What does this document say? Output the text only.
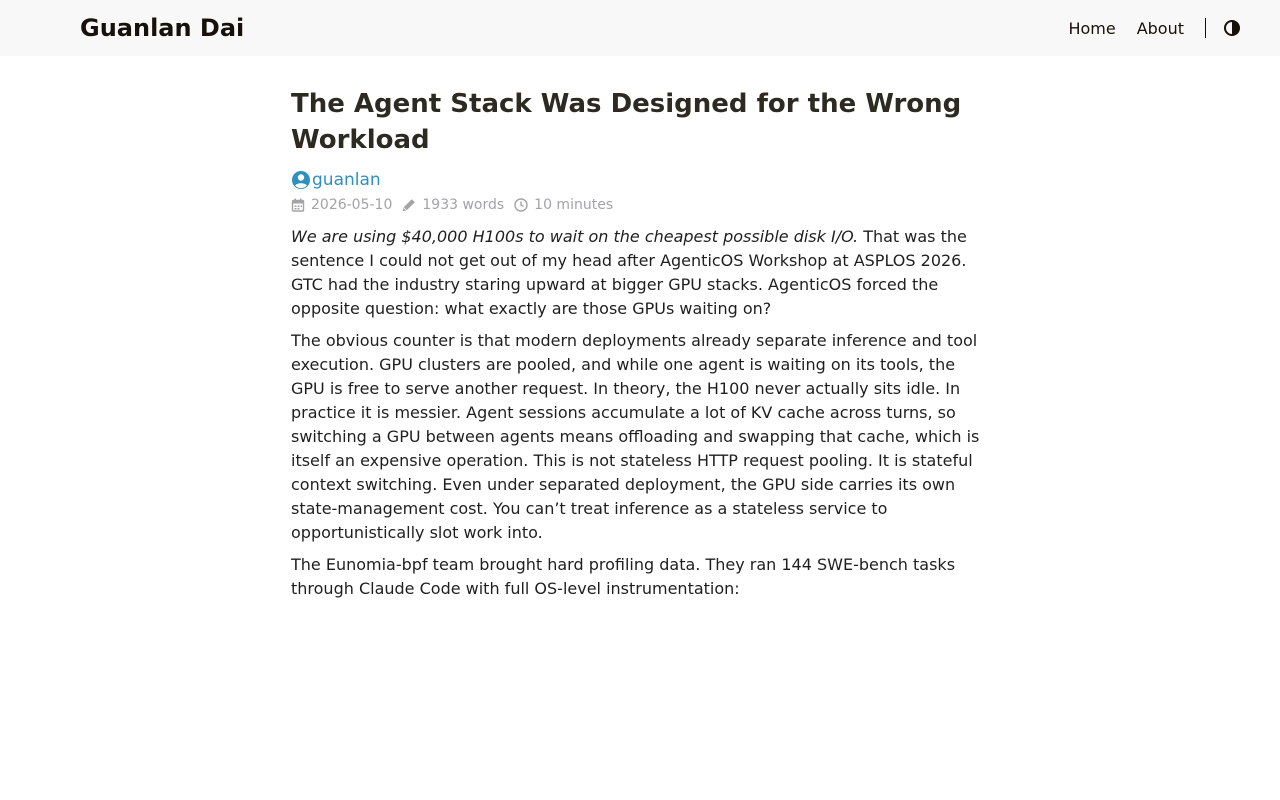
Guanlan Dai	Home About
The Agent Stack Was Designed for the Wrong Workload
guanlan
2026-05-10 1933 words 10 minutes

We are using $40,000 H100s to wait on the cheapest possible disk I/O. That was the sentence I could not get out of my head after AgenticOS Workshop at ASPLOS 2026. GTC had the industry staring upward at bigger GPU stacks. AgenticOS forced the opposite question: what exactly are those GPUs waiting on?

The obvious counter is that modern deployments already separate inference and tool execution. GPU clusters are pooled, and while one agent is waiting on its tools, the GPU is free to serve another request. In theory, the H100 never actually sits idle. In practice it is messier. Agent sessions accumulate a lot of KV cache across turns, so switching a GPU between agents means offloading and swapping that cache, which is itself an expensive operation. This is not stateless HTTP request pooling. It is stateful context switching. Even under separated deployment, the GPU side carries its own state-management cost. You can’t treat inference as a stateless service to opportunistically slot work into.

The Eunomia-bpf team brought hard profiling data. They ran 144 SWE-bench tasks through Claude Code with full OS-level instrumentation:
